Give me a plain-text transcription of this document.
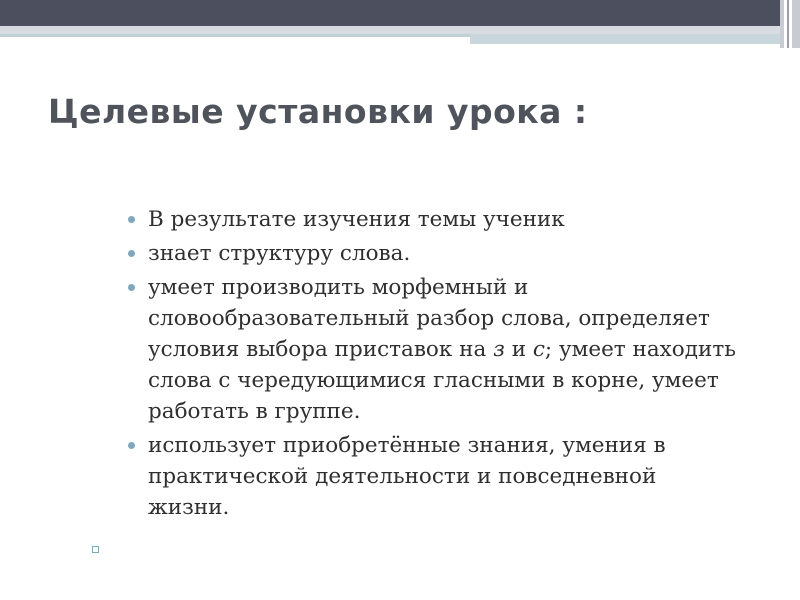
Целевые установки урока :
В результате изучения темы ученик
знает структуру слова.
умеет производить морфемный и словообразовательный разбор слова, определяет условия выбора приставок на з и с; умеет находить слова с чередующимися гласными в корне, умеет работать в группе.
использует приобретённые знания, умения в практической деятельности и повседневной жизни.
